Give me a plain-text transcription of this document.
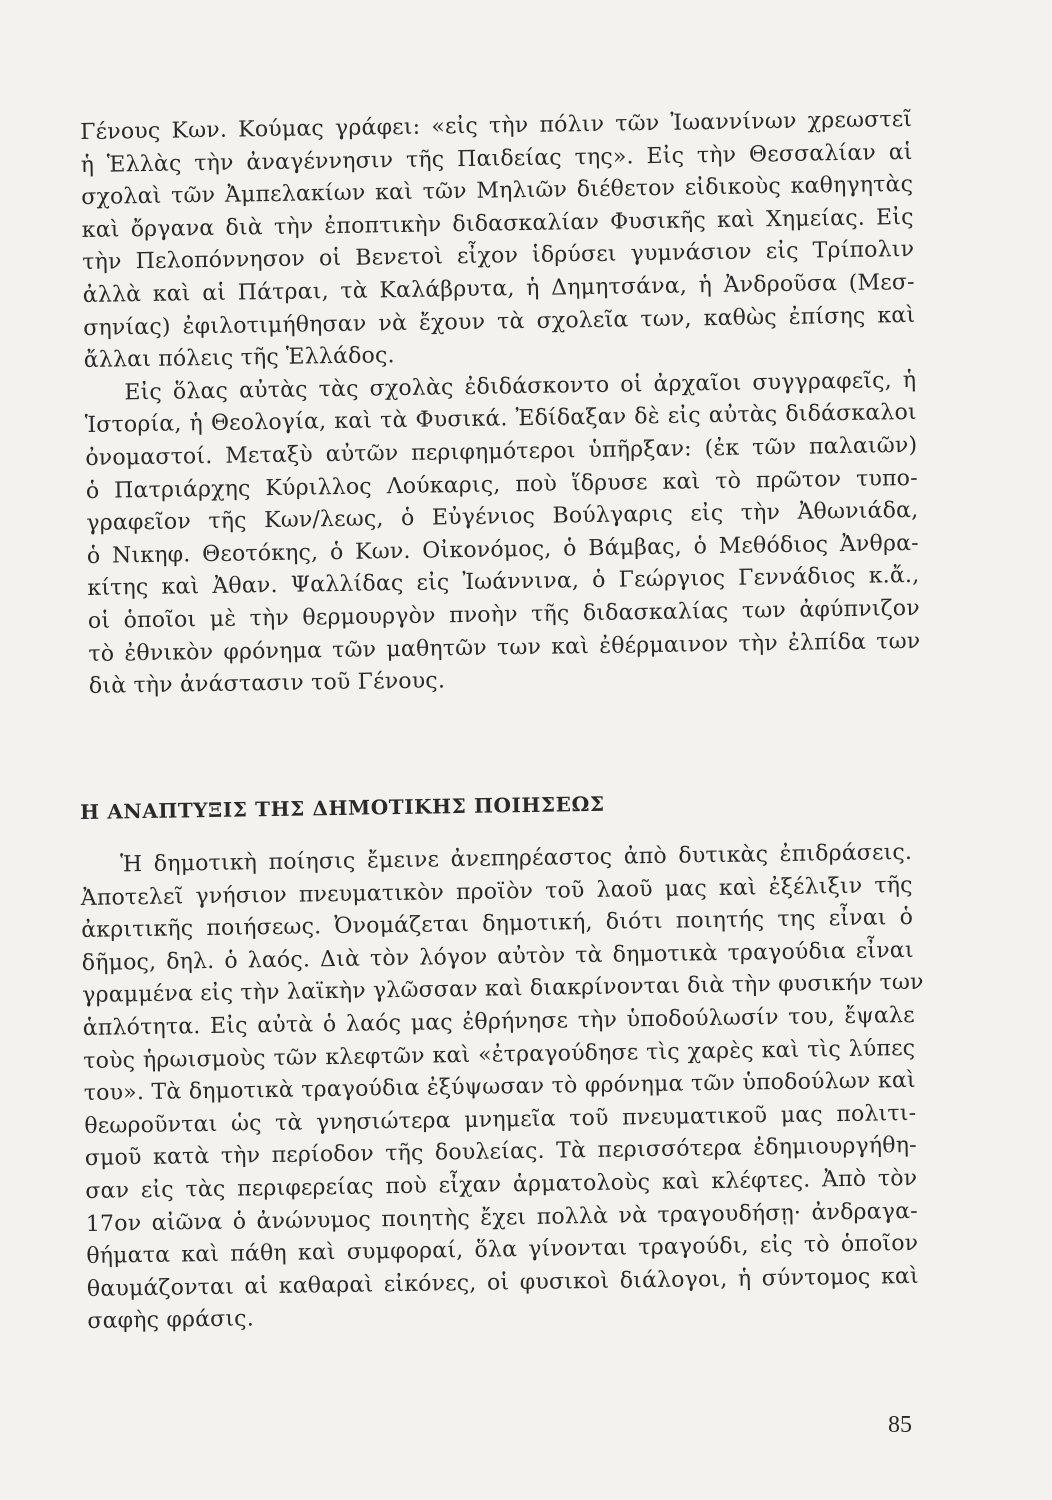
Γένους Κων. Κούμας γράφει: «εἰς τὴν πόλιν τῶν Ἰωαννίνων χρεωστεῖ
ἡ Ἑλλὰς τὴν ἀναγέννησιν τῆς Παιδείας της». Εἰς τὴν Θεσσαλίαν αἱ
σχολαὶ τῶν Ἀμπελακίων καὶ τῶν Μηλιῶν διέθετον εἰδικοὺς καθηγητὰς
καὶ ὄργανα διὰ τὴν ἐποπτικὴν διδασκαλίαν Φυσικῆς καὶ Χημείας. Εἰς
τὴν Πελοπόννησον οἱ Βενετοὶ εἶχον ἱδρύσει γυμνάσιον εἰς Τρίπολιν
ἀλλὰ καὶ αἱ Πάτραι, τὰ Καλάβρυτα, ἡ Δημητσάνα, ἡ Ἀνδροῦσα (Μεσ-
σηνίας) ἐφιλοτιμήθησαν νὰ ἔχουν τὰ σχολεῖα των, καθὼς ἐπίσης καὶ
ἄλλαι πόλεις τῆς Ἑλλάδος.
Εἰς ὅλας αὐτὰς τὰς σχολὰς ἐδιδάσκοντο οἱ ἀρχαῖοι συγγραφεῖς, ἡ
Ἱστορία, ἡ Θεολογία, καὶ τὰ Φυσικά. Ἐδίδαξαν δὲ εἰς αὐτὰς διδάσκαλοι
ὀνομαστοί. Μεταξὺ αὐτῶν περιφημότεροι ὑπῆρξαν: (ἐκ τῶν παλαιῶν)
ὁ Πατριάρχης Κύριλλος Λούκαρις, ποὺ ἵδρυσε καὶ τὸ πρῶτον τυπο-
γραφεῖον τῆς Κων/λεως, ὁ Εὐγένιος Βούλγαρις εἰς τὴν Ἀθωνιάδα,
ὁ Νικηφ. Θεοτόκης, ὁ Κων. Οἰκονόμος, ὁ Βάμβας, ὁ Μεθόδιος Ἀνθρα-
κίτης καὶ Ἀθαν. Ψαλλίδας εἰς Ἰωάννινα, ὁ Γεώργιος Γεννάδιος κ.ἄ.,
οἱ ὁποῖοι μὲ τὴν θερμουργὸν πνοὴν τῆς διδασκαλίας των ἀφύπνιζον
τὸ ἐθνικὸν φρόνημα τῶν μαθητῶν των καὶ ἐθέρμαινον τὴν ἐλπίδα των
διὰ τὴν ἀνάστασιν τοῦ Γένους.
Η ΑΝΑΠΤΥΞΙΣ ΤΗΣ ΔΗΜΟΤΙΚΗΣ ΠΟΙΗΣΕΩΣ
Ἡ δημοτικὴ ποίησις ἔμεινε ἀνεπηρέαστος ἀπὸ δυτικὰς ἐπιδράσεις.
Ἀποτελεῖ γνήσιον πνευματικὸν προϊὸν τοῦ λαοῦ μας καὶ ἐξέλιξιν τῆς
ἀκριτικῆς ποιήσεως. Ὀνομάζεται δημοτική, διότι ποιητής της εἶναι ὁ
δῆμος, δηλ. ὁ λαός. Διὰ τὸν λόγον αὐτὸν τὰ δημοτικὰ τραγούδια εἶναι
γραμμένα εἰς τὴν λαϊκὴν γλῶσσαν καὶ διακρίνονται διὰ τὴν φυσικήν των
ἁπλότητα. Εἰς αὐτὰ ὁ λαός μας ἐθρήνησε τὴν ὑποδούλωσίν του, ἔψαλε
τοὺς ἡρωισμοὺς τῶν κλεφτῶν καὶ «ἐτραγούδησε τὶς χαρὲς καὶ τὶς λύπες
του». Τὰ δημοτικὰ τραγούδια ἐξύψωσαν τὸ φρόνημα τῶν ὑποδούλων καὶ
θεωροῦνται ὡς τὰ γνησιώτερα μνημεῖα τοῦ πνευματικοῦ μας πολιτι-
σμοῦ κατὰ τὴν περίοδον τῆς δουλείας. Τὰ περισσότερα ἐδημιουργήθη-
σαν εἰς τὰς περιφερείας ποὺ εἶχαν ἁρματολοὺς καὶ κλέφτες. Ἀπὸ τὸν
17ον αἰῶνα ὁ ἀνώνυμος ποιητὴς ἔχει πολλὰ νὰ τραγουδήσῃ· ἀνδραγα-
θήματα καὶ πάθη καὶ συμφοραί, ὅλα γίνονται τραγούδι, εἰς τὸ ὁποῖον
θαυμάζονται αἱ καθαραὶ εἰκόνες, οἱ φυσικοὶ διάλογοι, ἡ σύντομος καὶ
σαφὴς φράσις.
85
